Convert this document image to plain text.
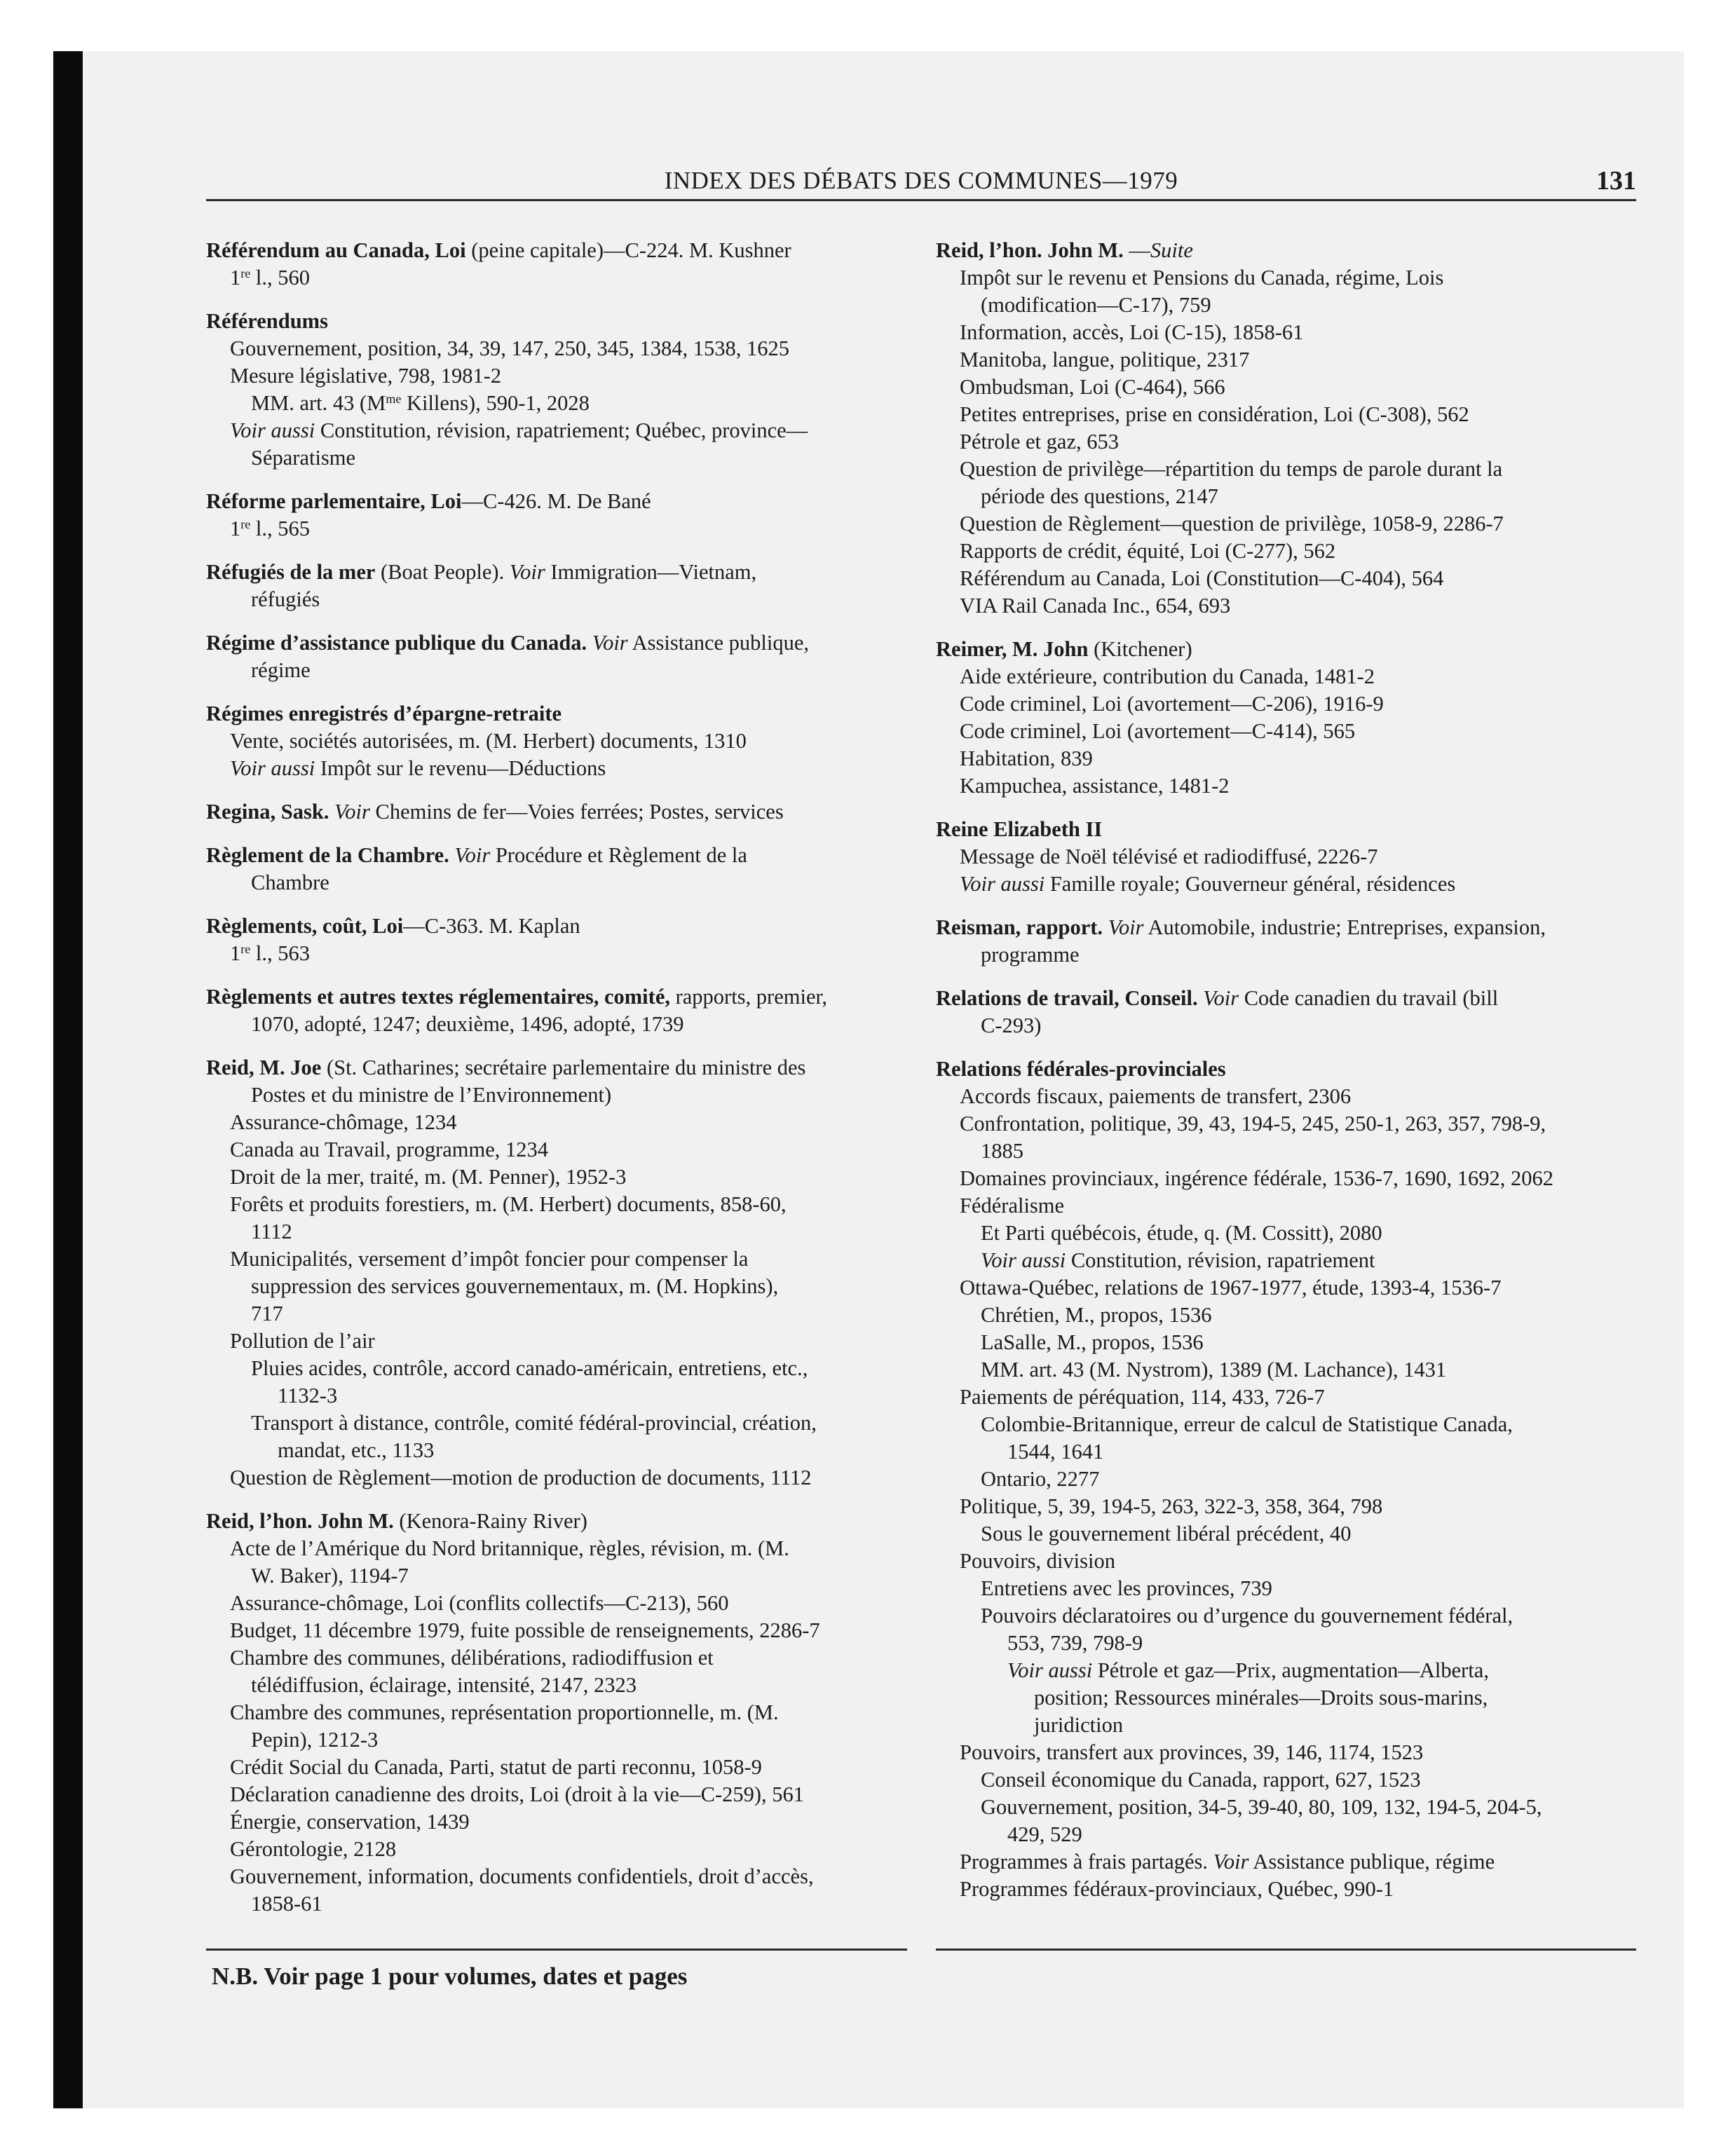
INDEX DES DÉBATS DES COMMUNES—1979	131
Référendum au Canada, Loi (peine capitale)—C-224. M. Kushner
1re l., 560
Référendums
Gouvernement, position, 34, 39, 147, 250, 345, 1384, 1538, 1625
Mesure législative, 798, 1981-2
MM. art. 43 ($M^{me}$ Killens), 590-1, 2028
Voir aussi Constitution, révision, rapatriement; Québec, province—
Séparatisme
Réforme parlementaire, Loi—C-426. M. De Bané
1re l., 565
Réfugiés de la mer (Boat People). Voir Immigration—Vietnam,
réfugiés
Régime d’assistance publique du Canada. Voir Assistance publique,
régime
Régimes enregistrés d’épargne-retraite
Vente, sociétés autorisées, m. (M. Herbert) documents, 1310
Voir aussi Impôt sur le revenu—Déductions
Regina, Sask. Voir Chemins de fer—Voies ferrées; Postes, services
Règlement de la Chambre. Voir Procédure et Règlement de la
Chambre
Règlements, coût, Loi—C-363. M. Kaplan
1re l., 563
Règlements et autres textes réglementaires, comité, rapports, premier,
1070, adopté, 1247; deuxième, 1496, adopté, 1739
Reid, M. Joe (St. Catharines; secrétaire parlementaire du ministre des
Postes et du ministre de l’Environnement)
Assurance-chômage, 1234
Canada au Travail, programme, 1234
Droit de la mer, traité, m. (M. Penner), 1952-3
Forêts et produits forestiers, m. (M. Herbert) documents, 858-60,
1112
Municipalités, versement d’impôt foncier pour compenser la
suppression des services gouvernementaux, m. (M. Hopkins),
717
Pollution de l’air
Pluies acides, contrôle, accord canado-américain, entretiens, etc.,
1132-3
Transport à distance, contrôle, comité fédéral-provincial, création,
mandat, etc., 1133
Question de Règlement—motion de production de documents, 1112
Reid, l’hon. John M. (Kenora-Rainy River)
Acte de l’Amérique du Nord britannique, règles, révision, m. (M.
W. Baker), 1194-7
Assurance-chômage, Loi (conflits collectifs—C-213), 560
Budget, 11 décembre 1979, fuite possible de renseignements, 2286-7
Chambre des communes, délibérations, radiodiffusion et
télédiffusion, éclairage, intensité, 2147, 2323
Chambre des communes, représentation proportionnelle, m. (M.
Pepin), 1212-3
Crédit Social du Canada, Parti, statut de parti reconnu, 1058-9
Déclaration canadienne des droits, Loi (droit à la vie—C-259), 561
Énergie, conservation, 1439
Gérontologie, 2128
Gouvernement, information, documents confidentiels, droit d’accès,
1858-61
Reid, l’hon. John M. —Suite
Impôt sur le revenu et Pensions du Canada, régime, Lois
(modification—C-17), 759
Information, accès, Loi (C-15), 1858-61
Manitoba, langue, politique, 2317
Ombudsman, Loi (C-464), 566
Petites entreprises, prise en considération, Loi (C-308), 562
Pétrole et gaz, 653
Question de privilège—répartition du temps de parole durant la
période des questions, 2147
Question de Règlement—question de privilège, 1058-9, 2286-7
Rapports de crédit, équité, Loi (C-277), 562
Référendum au Canada, Loi (Constitution—C-404), 564
VIA Rail Canada Inc., 654, 693
Reimer, M. John (Kitchener)
Aide extérieure, contribution du Canada, 1481-2
Code criminel, Loi (avortement—C-206), 1916-9
Code criminel, Loi (avortement—C-414), 565
Habitation, 839
Kampuchea, assistance, 1481-2
Reine Elizabeth II
Message de Noël télévisé et radiodiffusé, 2226-7
Voir aussi Famille royale; Gouverneur général, résidences
Reisman, rapport. Voir Automobile, industrie; Entreprises, expansion,
programme
Relations de travail, Conseil. Voir Code canadien du travail (bill
C-293)
Relations fédérales-provinciales
Accords fiscaux, paiements de transfert, 2306
Confrontation, politique, 39, 43, 194-5, 245, 250-1, 263, 357, 798-9,
1885
Domaines provinciaux, ingérence fédérale, 1536-7, 1690, 1692, 2062
Fédéralisme
Et Parti québécois, étude, q. (M. Cossitt), 2080
Voir aussi Constitution, révision, rapatriement
Ottawa-Québec, relations de 1967-1977, étude, 1393-4, 1536-7
Chrétien, M., propos, 1536
LaSalle, M., propos, 1536
MM. art. 43 (M. Nystrom), 1389 (M. Lachance), 1431
Paiements de péréquation, 114, 433, 726-7
Colombie-Britannique, erreur de calcul de Statistique Canada,
1544, 1641
Ontario, 2277
Politique, 5, 39, 194-5, 263, 322-3, 358, 364, 798
Sous le gouvernement libéral précédent, 40
Pouvoirs, division
Entretiens avec les provinces, 739
Pouvoirs déclaratoires ou d’urgence du gouvernement fédéral,
553, 739, 798-9
Voir aussi Pétrole et gaz—Prix, augmentation—Alberta,
position; Ressources minérales—Droits sous-marins,
juridiction
Pouvoirs, transfert aux provinces, 39, 146, 1174, 1523
Conseil économique du Canada, rapport, 627, 1523
Gouvernement, position, 34-5, 39-40, 80, 109, 132, 194-5, 204-5,
429, 529
Programmes à frais partagés. Voir Assistance publique, régime
Programmes fédéraux-provinciaux, Québec, 990-1
N.B. Voir page 1 pour volumes, dates et pages
